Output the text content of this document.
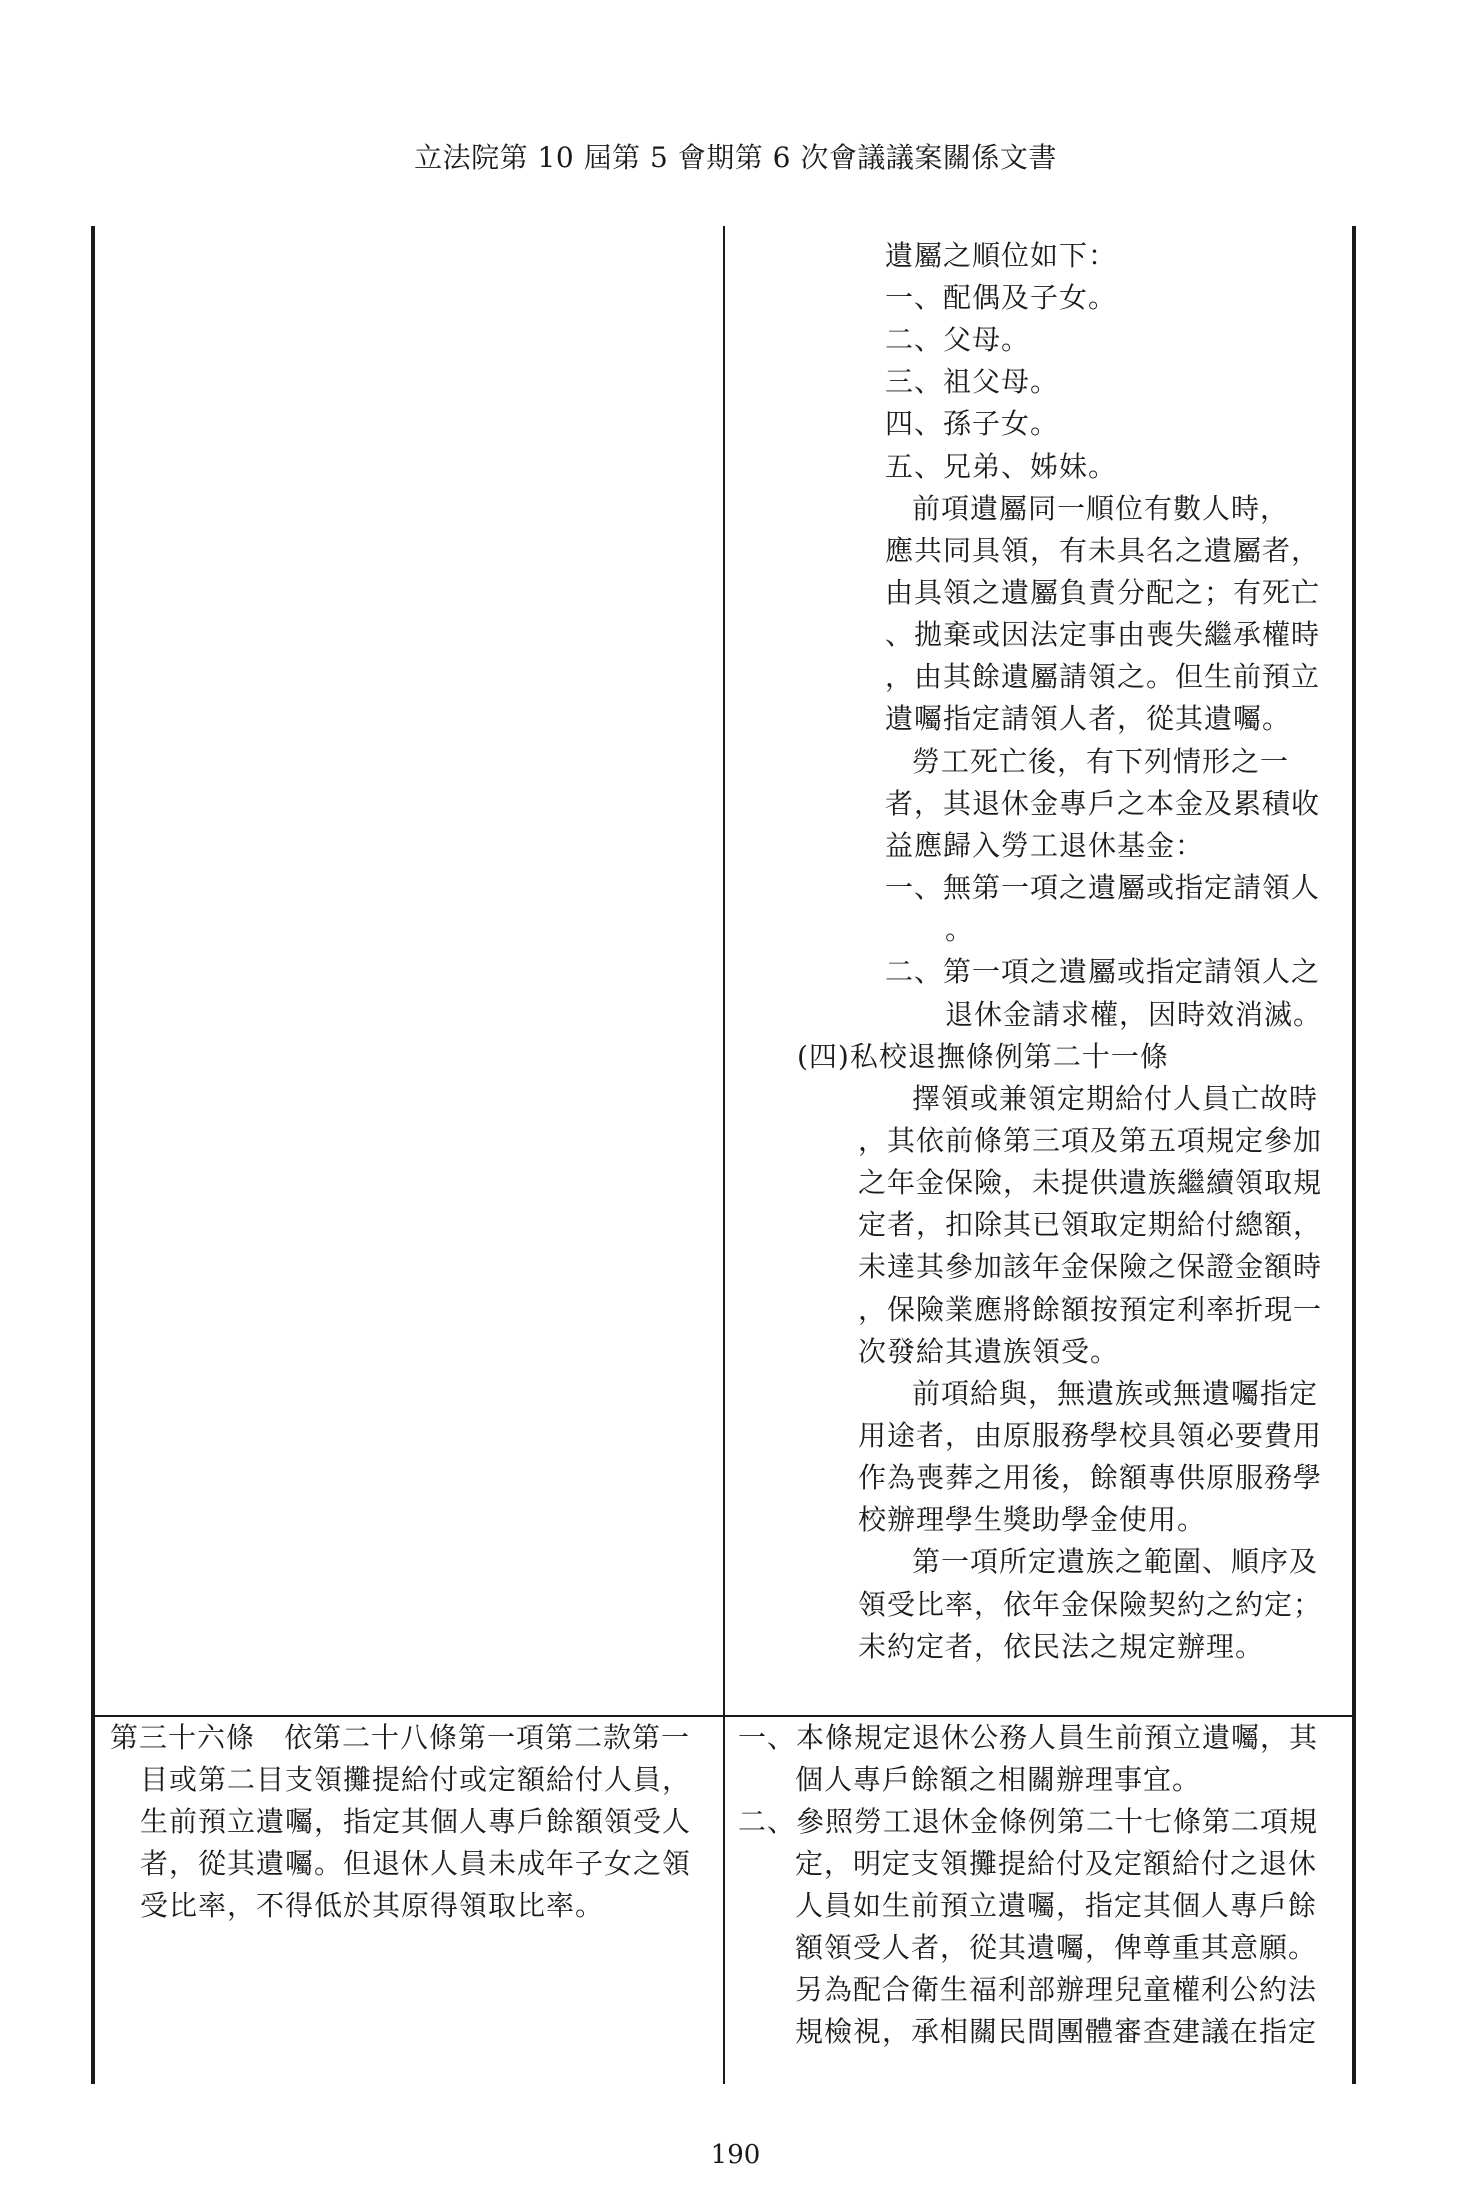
立法院第 10 屆第 5 會期第 6 次會議議案關係文書
遺屬之順位如下：
一、配偶及子女。
二、父母。
三、祖父母。
四、孫子女。
五、兄弟、姊妹。
前項遺屬同一順位有數人時，
應共同具領，有未具名之遺屬者，
由具領之遺屬負責分配之；有死亡
、拋棄或因法定事由喪失繼承權時
，由其餘遺屬請領之。但生前預立
遺囑指定請領人者，從其遺囑。
勞工死亡後，有下列情形之一
者，其退休金專戶之本金及累積收
益應歸入勞工退休基金：
一、無第一項之遺屬或指定請領人
。
二、第一項之遺屬或指定請領人之
退休金請求權，因時效消滅。
(四)私校退撫條例第二十一條
擇領或兼領定期給付人員亡故時
，其依前條第三項及第五項規定參加
之年金保險，未提供遺族繼續領取規
定者，扣除其已領取定期給付總額，
未達其參加該年金保險之保證金額時
，保險業應將餘額按預定利率折現一
次發給其遺族領受。
前項給與，無遺族或無遺囑指定
用途者，由原服務學校具領必要費用
作為喪葬之用後，餘額專供原服務學
校辦理學生獎助學金使用。
第一項所定遺族之範圍、順序及
領受比率，依年金保險契約之約定；
未約定者，依民法之規定辦理。
第三十六條　依第二十八條第一項第二款第一
目或第二目支領攤提給付或定額給付人員，
生前預立遺囑，指定其個人專戶餘額領受人
者，從其遺囑。但退休人員未成年子女之領
受比率，不得低於其原得領取比率。
一、本條規定退休公務人員生前預立遺囑，其
個人專戶餘額之相關辦理事宜。
二、參照勞工退休金條例第二十七條第二項規
定，明定支領攤提給付及定額給付之退休
人員如生前預立遺囑，指定其個人專戶餘
額領受人者，從其遺囑，俾尊重其意願。
另為配合衛生福利部辦理兒童權利公約法
規檢視，承相關民間團體審查建議在指定
190
